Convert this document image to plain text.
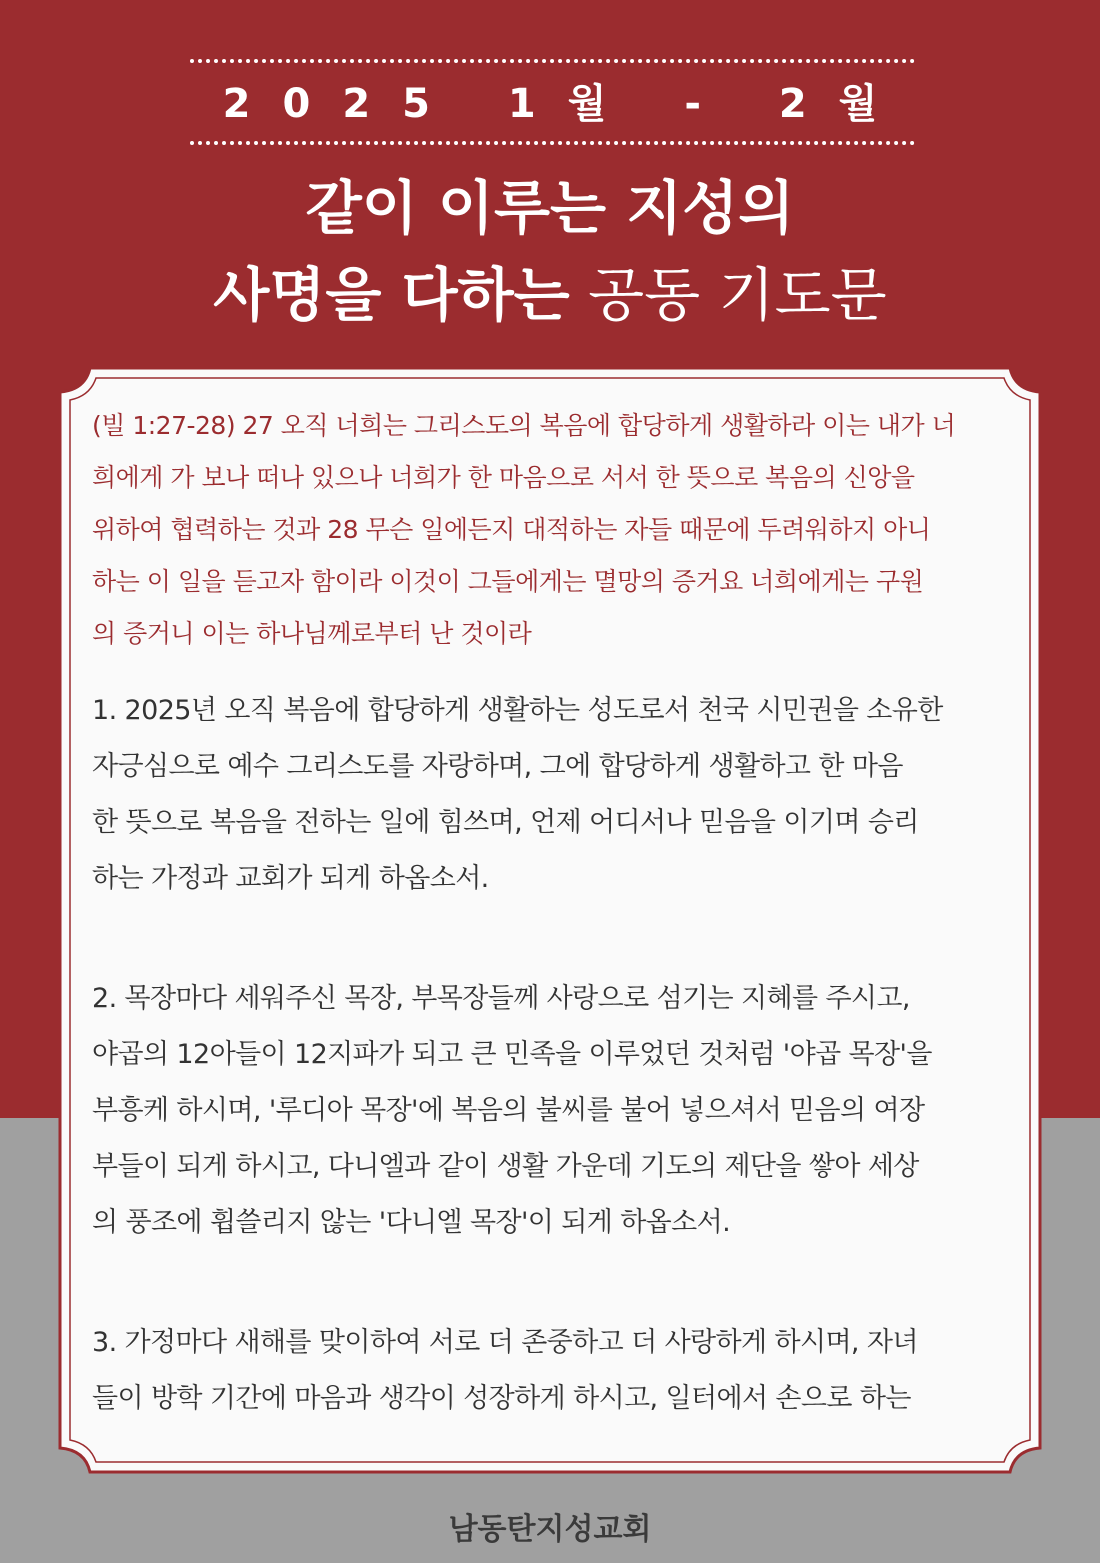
2025 1월 - 2월
같이 이루는 지성의
사명을 다하는 공동 기도문
(빌 1:27-28) 27 오직 너희는 그리스도의 복음에 합당하게 생활하라 이는 내가 너
희에게 가 보나 떠나 있으나 너희가 한 마음으로 서서 한 뜻으로 복음의 신앙을
위하여 협력하는 것과 28 무슨 일에든지 대적하는 자들 때문에 두려워하지 아니
하는 이 일을 듣고자 함이라 이것이 그들에게는 멸망의 증거요 너희에게는 구원
의 증거니 이는 하나님께로부터 난 것이라
1. 2025년 오직 복음에 합당하게 생활하는 성도로서 천국 시민권을 소유한
자긍심으로 예수 그리스도를 자랑하며, 그에 합당하게 생활하고 한 마음
한 뜻으로 복음을 전하는 일에 힘쓰며, 언제 어디서나 믿음을 이기며 승리
하는 가정과 교회가 되게 하옵소서.
2. 목장마다 세워주신 목장, 부목장들께 사랑으로 섬기는 지혜를 주시고,
야곱의 12아들이 12지파가 되고 큰 민족을 이루었던 것처럼 '야곱 목장'을
부흥케 하시며, '루디아 목장'에 복음의 불씨를 불어 넣으셔서 믿음의 여장
부들이 되게 하시고, 다니엘과 같이 생활 가운데 기도의 제단을 쌓아 세상
의 풍조에 휩쓸리지 않는 '다니엘 목장'이 되게 하옵소서.
3. 가정마다 새해를 맞이하여 서로 더 존중하고 더 사랑하게 하시며, 자녀
들이 방학 기간에 마음과 생각이 성장하게 하시고, 일터에서 손으로 하는
남동탄지성교회
